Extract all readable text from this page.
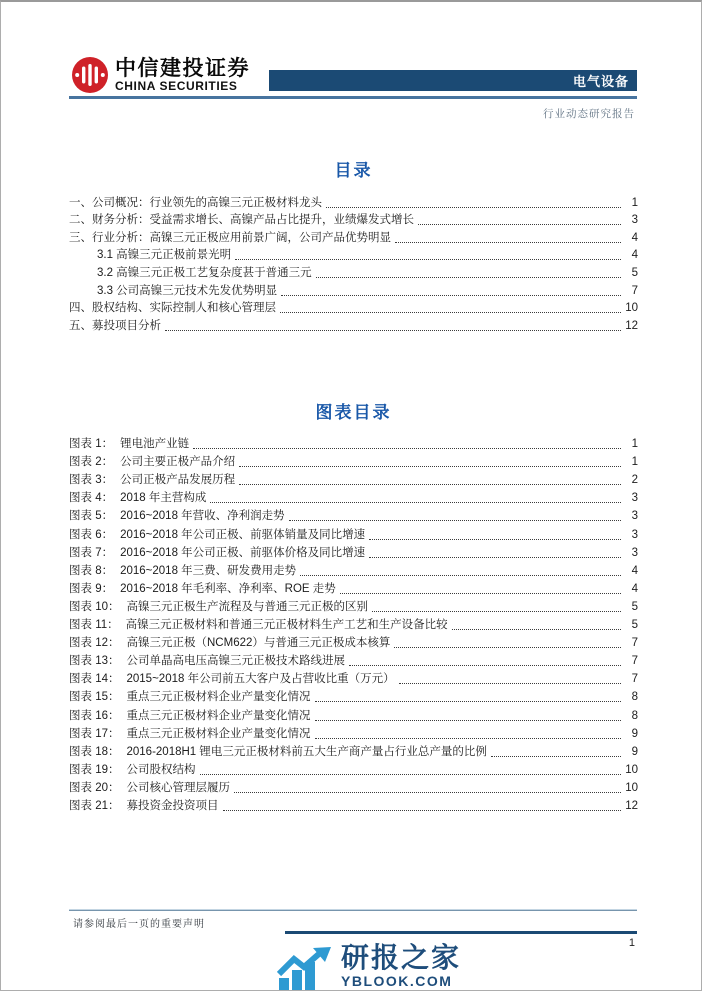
中信建投证券
CHINA SECURITIES	电气设备
行业动态研究报告
目录
一、公司概况：行业领先的高镍三元正极材料龙头	1
二、财务分析：受益需求增长、高镍产品占比提升，业绩爆发式增长	3
三、行业分析：高镍三元正极应用前景广阔，公司产品优势明显	4
3.1 高镍三元正极前景光明	4
3.2 高镍三元正极工艺复杂度甚于普通三元	5
3.3 公司高镍三元技术先发优势明显	7
四、股权结构、实际控制人和核心管理层	10
五、募投项目分析	12
图表目录
图表 1： 锂电池产业链	1
图表 2： 公司主要正极产品介绍	1
图表 3： 公司正极产品发展历程	2
图表 4： 2018 年主营构成	3
图表 5： 2016~2018 年营收、净利润走势	3
图表 6： 2016~2018 年公司正极、前驱体销量及同比增速	3
图表 7： 2016~2018 年公司正极、前驱体价格及同比增速	3
图表 8： 2016~2018 年三费、研发费用走势	4
图表 9： 2016~2018 年毛利率、净利率、ROE 走势	4
图表 10： 高镍三元正极生产流程及与普通三元正极的区别	5
图表 11： 高镍三元正极材料和普通三元正极材料生产工艺和生产设备比较	5
图表 12： 高镍三元正极（NCM622）与普通三元正极成本核算	7
图表 13： 公司单晶高电压高镍三元正极技术路线进展	7
图表 14： 2015~2018 年公司前五大客户及占营收比重（万元）	7
图表 15： 重点三元正极材料企业产量变化情况	8
图表 16： 重点三元正极材料企业产量变化情况	8
图表 17： 重点三元正极材料企业产量变化情况	9
图表 18： 2016-2018H1 锂电三元正极材料前五大生产商产量占行业总产量的比例	9
图表 19： 公司股权结构	10
图表 20： 公司核心管理层履历	10
图表 21： 募投资金投资项目	12
请参阅最后一页的重要声明
1
研报之家
YBLOOK.COM
